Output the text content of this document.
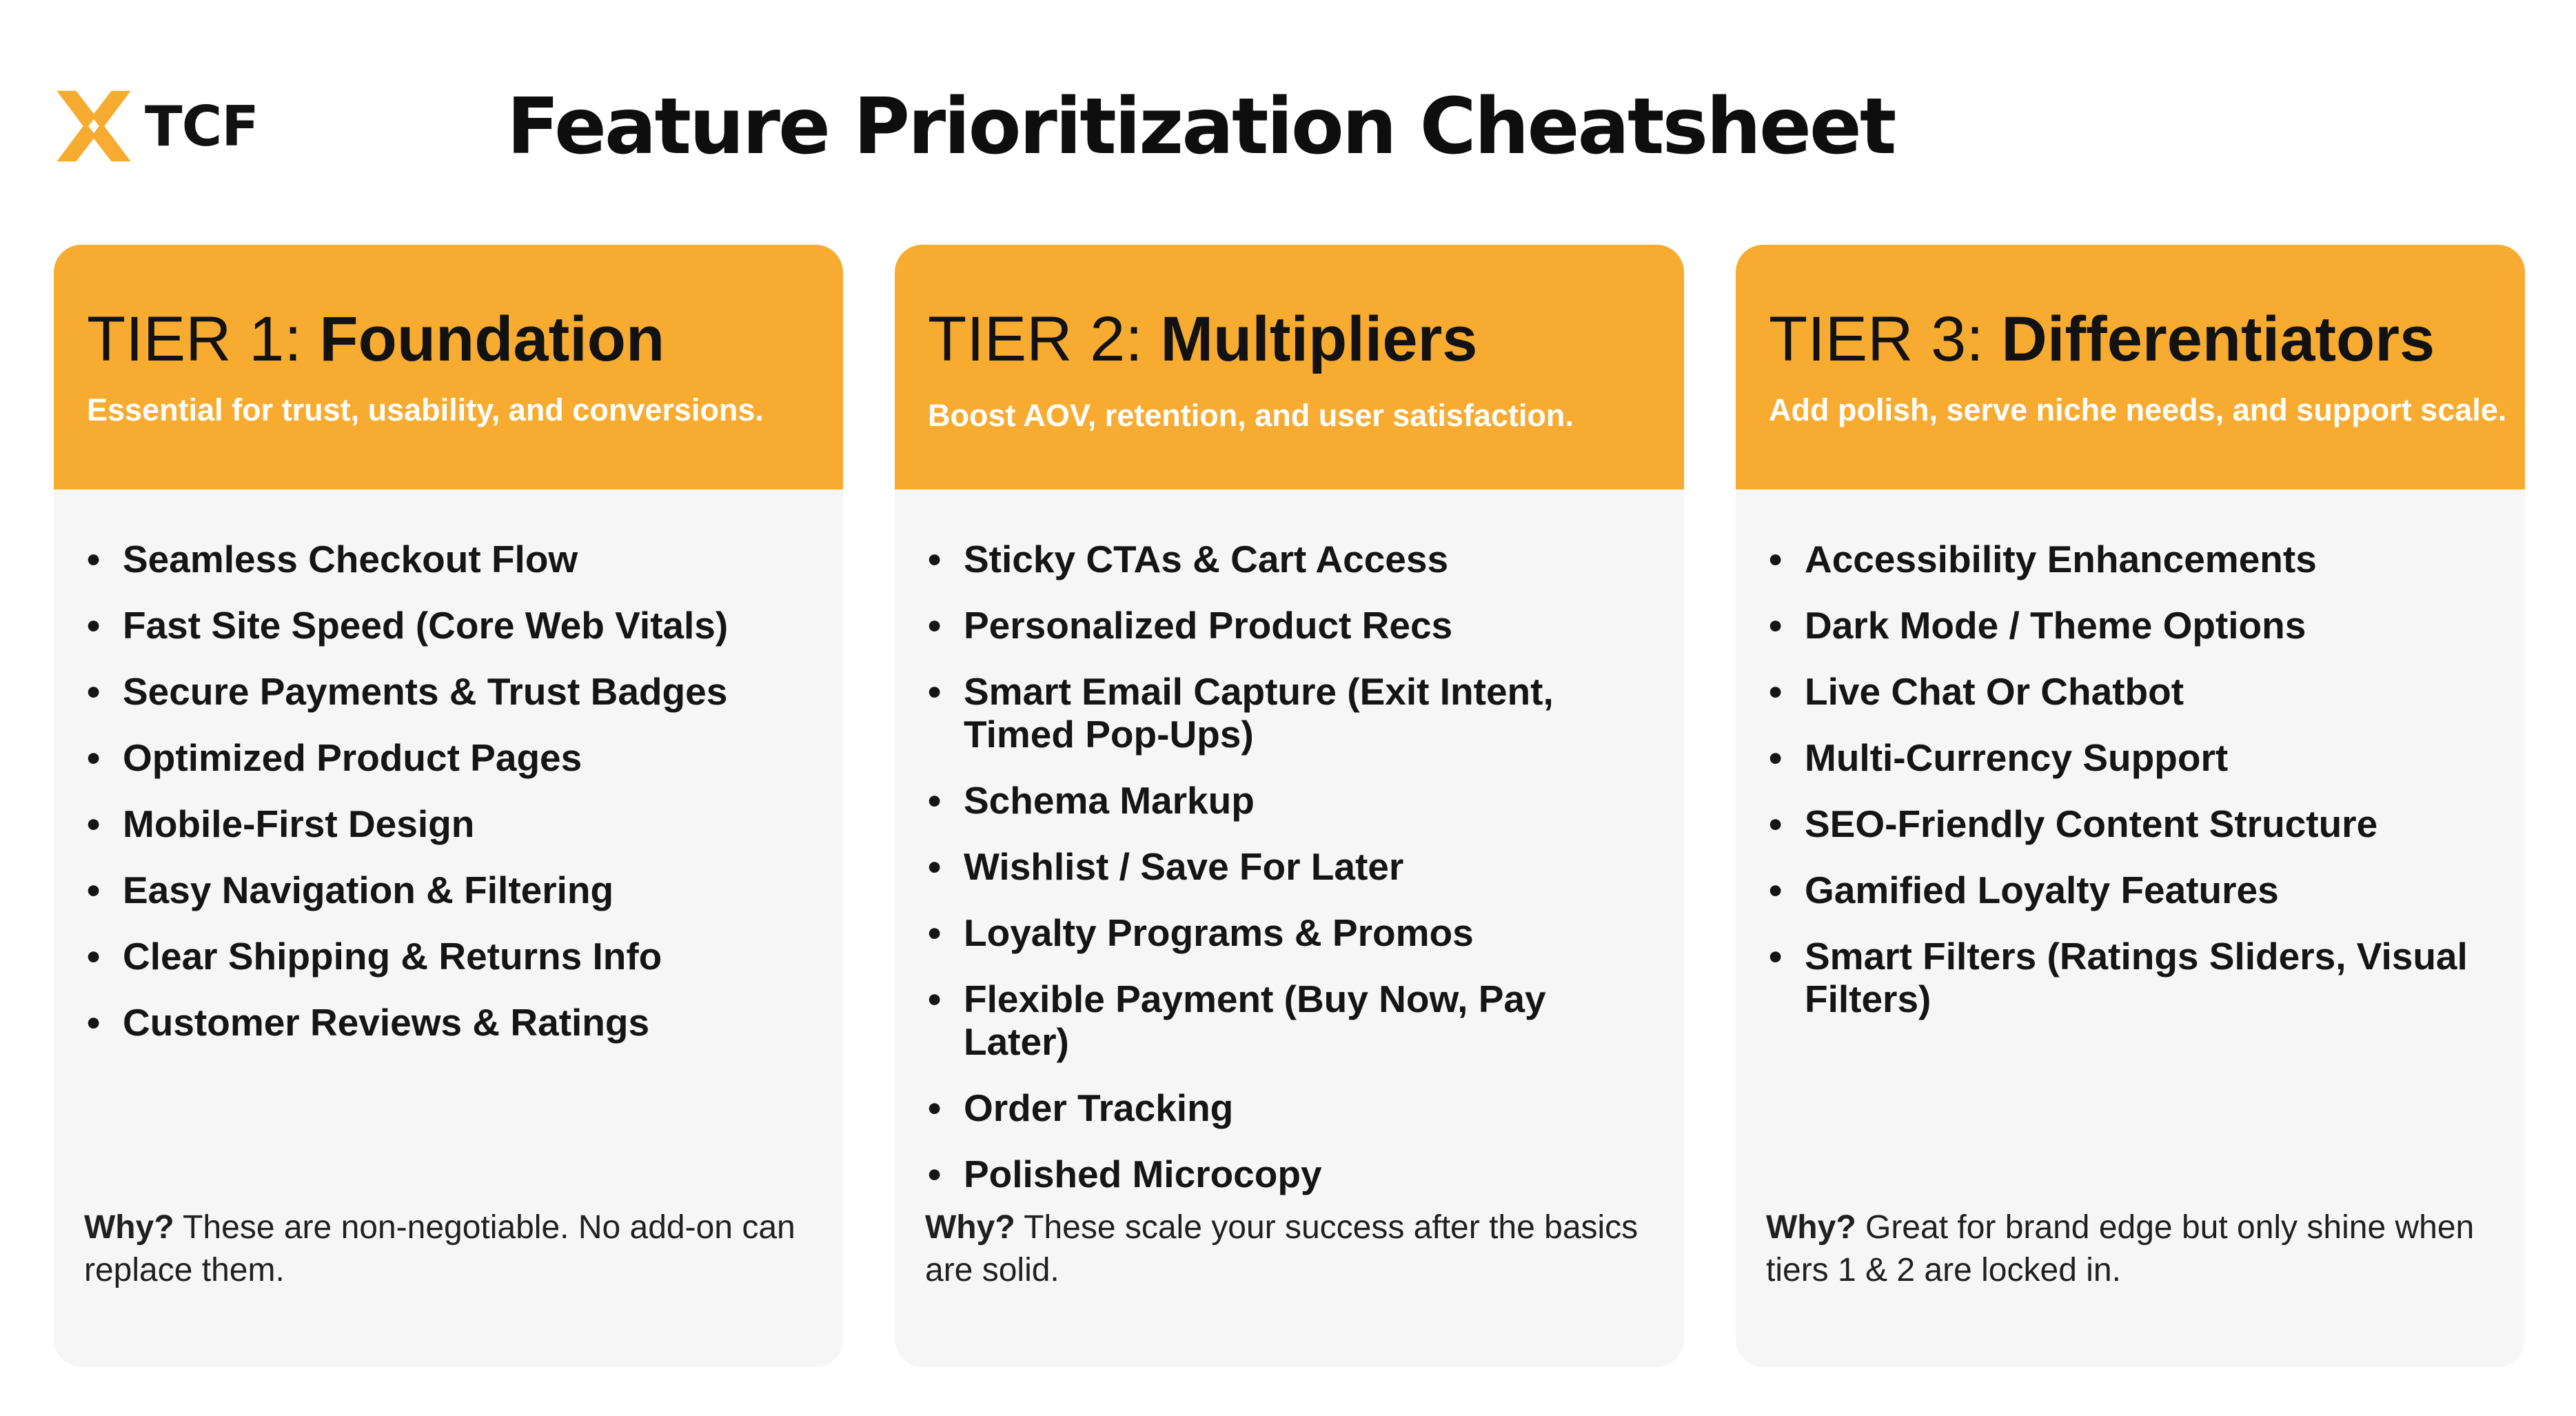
TCF	Feature Prioritization Cheatsheet
TIER 1: Foundation

Essential for trust, usability, and conversions.

• Seamless Checkout Flow
• Fast Site Speed (Core Web Vitals)
• Secure Payments & Trust Badges
• Optimized Product Pages
• Mobile-First Design
• Easy Navigation & Filtering
• Clear Shipping & Returns Info
• Customer Reviews & Ratings

Why? These are non-negotiable. No add-on can replace them.

TIER 2: Multipliers

Boost AOV, retention, and user satisfaction.

• Sticky CTAs & Cart Access
• Personalized Product Recs
• Smart Email Capture (Exit Intent, Timed Pop-Ups)
• Schema Markup
• Wishlist / Save For Later
• Loyalty Programs & Promos
• Flexible Payment (Buy Now, Pay Later)
• Order Tracking
• Polished Microcopy

Why? These scale your success after the basics are solid.

TIER 3: Differentiators

Add polish, serve niche needs, and support scale.

• Accessibility Enhancements
• Dark Mode / Theme Options
• Live Chat Or Chatbot
• Multi-Currency Support
• SEO-Friendly Content Structure
• Gamified Loyalty Features
• Smart Filters (Ratings Sliders, Visual Filters)

Why? Great for brand edge but only shine when tiers 1 & 2 are locked in.
